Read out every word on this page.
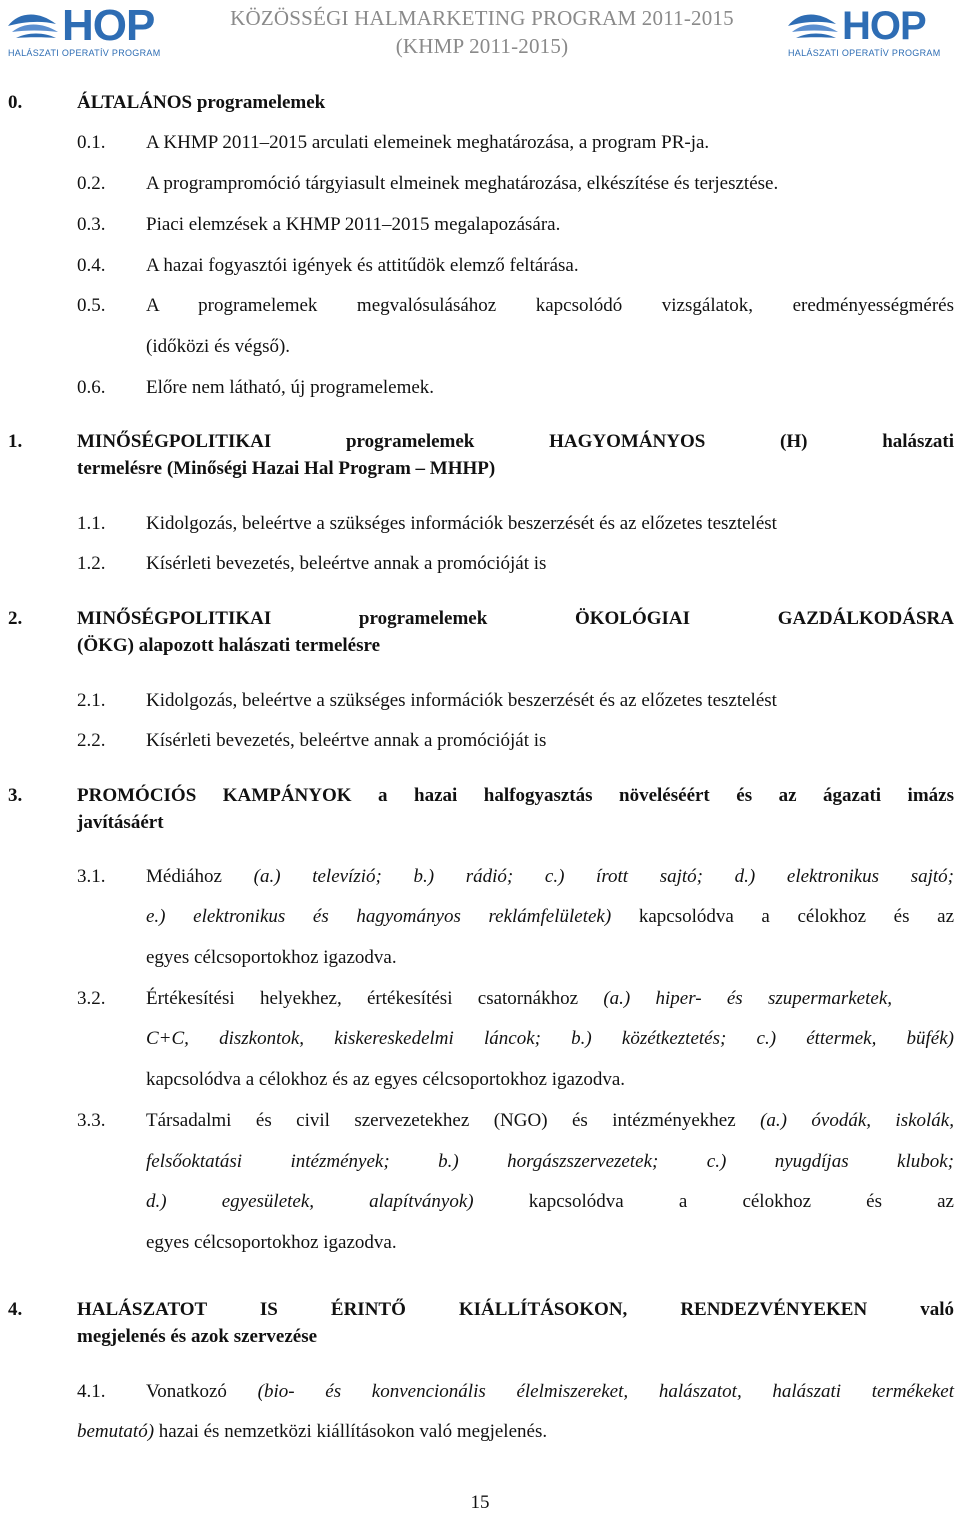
HOP
HALÁSZATI OPERATÍV PROGRAM
KÖZÖSSÉGI HALMARKETING PROGRAM 2011-2015
(KHMP 2011-2015)	HOP
HALÁSZATI OPERATÍV PROGRAM
0.	ÁLTALÁNOS programelemek
0.1. A KHMP 2011–2015 arculati elemeinek meghatározása, a program PR-ja.
0.2. A programpromóció tárgyiasult elmeinek meghatározása, elkészítése és terjesztése.
0.3. Piaci elemzések a KHMP 2011–2015 megalapozására.
0.4. A hazai fogyasztói igények és attitűdök elemző feltárása.
0.5. A programelemek megvalósulásához kapcsolódó vizsgálatok, eredményességmérés
(időközi és végső).
0.6. Előre nem látható, új programelemek.
1.	MINŐSÉGPOLITIKAI programelemek HAGYOMÁNYOS (H) halászati
termelésre (Minőségi Hazai Hal Program – MHHP)
1.1. Kidolgozás, beleértve a szükséges információk beszerzését és az előzetes tesztelést
1.2. Kísérleti bevezetés, beleértve annak a promócióját is
2.	MINŐSÉGPOLITIKAI programelemek ÖKOLÓGIAI GAZDÁLKODÁSRA
(ÖKG) alapozott halászati termelésre
2.1. Kidolgozás, beleértve a szükséges információk beszerzését és az előzetes tesztelést
2.2. Kísérleti bevezetés, beleértve annak a promócióját is
3.	PROMÓCIÓS KAMPÁNYOK a hazai halfogyasztás növeléséért és az ágazati imázs
javításáért
3.1. Médiához (a.) televízió; b.) rádió; c.) írott sajtó; d.) elektronikus sajtó;
e.) elektronikus és hagyományos reklámfelületek) kapcsolódva a célokhoz és az
egyes célcsoportokhoz igazodva.
3.2. Értékesítési helyekhez, értékesítési csatornákhoz (a.) hiper- és szupermarketek,
C+C, diszkontok, kiskereskedelmi láncok; b.) közétkeztetés; c.) éttermek, büfék)
kapcsolódva a célokhoz és az egyes célcsoportokhoz igazodva.
3.3. Társadalmi és civil szervezetekhez (NGO) és intézményekhez (a.) óvodák, iskolák,
felsőoktatási intézmények; b.) horgászszervezetek; c.) nyugdíjas klubok;
d.) egyesületek, alapítványok) kapcsolódva a célokhoz és az
egyes célcsoportokhoz igazodva.
4.	HALÁSZATOT IS ÉRINTŐ KIÁLLÍTÁSOKON, RENDEZVÉNYEKEN való
megjelenés és azok szervezése
4.1. Vonatkozó (bio- és konvencionális élelmiszereket, halászatot, halászati termékeket
bemutató) hazai és nemzetközi kiállításokon való megjelenés.
15
